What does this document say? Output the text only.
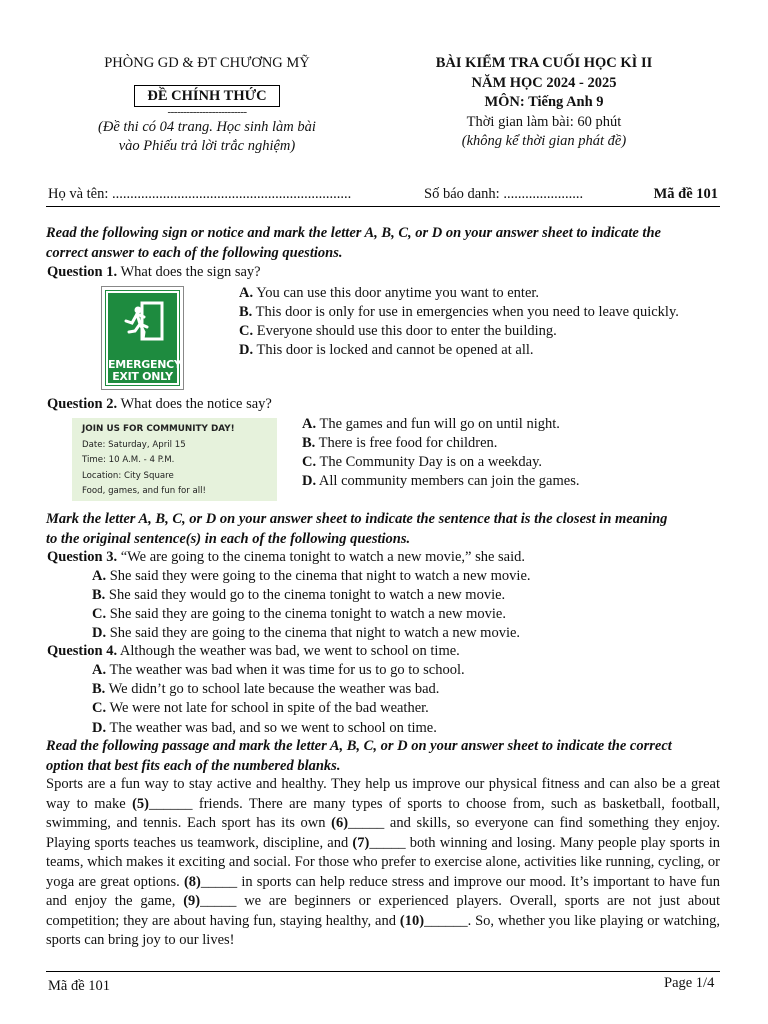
PHÒNG GD & ĐT CHƯƠNG MỸ
ĐỀ CHÍNH THỨC
-------------------------
(Đề thi có 04 trang. Học sinh làm bài
vào Phiếu trả lời trắc nghiệm)
BÀI KIỂM TRA CUỐI HỌC KÌ II
NĂM HỌC 2024 - 2025
MÔN: Tiếng Anh 9
Thời gian làm bài: 60 phút
(không kể thời gian phát đề)
Họ và tên: ..................................................................	Số báo danh: ......................	Mã đề 101
Read the following sign or notice and mark the letter A, B, C, or D on your answer sheet to indicate the
correct answer to each of the following questions.
Question 1. What does the sign say?
EMERGENCY
EXIT ONLY
A. You can use this door anytime you want to enter.
B. This door is only for use in emergencies when you need to leave quickly.
C. Everyone should use this door to enter the building.
D. This door is locked and cannot be opened at all.
Question 2. What does the notice say?
JOIN US FOR COMMUNITY DAY!
Date: Saturday, April 15
Time: 10 A.M. - 4 P.M.
Location: City Square
Food, games, and fun for all!
A. The games and fun will go on until night.
B. There is free food for children.
C. The Community Day is on a weekday.
D. All community members can join the games.
Mark the letter A, B, C, or D on your answer sheet to indicate the sentence that is the closest in meaning
to the original sentence(s) in each of the following questions.
Question 3. “We are going to the cinema tonight to watch a new movie,” she said.
A. She said they were going to the cinema that night to watch a new movie.
B. She said they would go to the cinema tonight to watch a new movie.
C. She said they are going to the cinema tonight to watch a new movie.
D. She said they are going to the cinema that night to watch a new movie.
Question 4. Although the weather was bad, we went to school on time.
A. The weather was bad when it was time for us to go to school.
B. We didn’t go to school late because the weather was bad.
C. We were not late for school in spite of the bad weather.
D. The weather was bad, and so we went to school on time.
Read the following passage and mark the letter A, B, C, or D on your answer sheet to indicate the correct
option that best fits each of the numbered blanks.
Sports are a fun way to stay active and healthy. They help us improve our physical fitness and can also be a great way to make (5)______ friends. There are many types of sports to choose from, such as basketball, football, swimming, and tennis. Each sport has its own (6)_____ and skills, so everyone can find something they enjoy. Playing sports teaches us teamwork, discipline, and (7)_____ both winning and losing. Many people play sports in teams, which makes it exciting and social. For those who prefer to exercise alone, activities like running, cycling, or yoga are great options. (8)_____ in sports can help reduce stress and improve our mood. It’s important to have fun and enjoy the game, (9)_____ we are beginners or experienced players. Overall, sports are not just about competition; they are about having fun, staying healthy, and (10)______. So, whether you like playing or watching, sports can bring joy to our lives!
Mã đề 101	Page 1/4
